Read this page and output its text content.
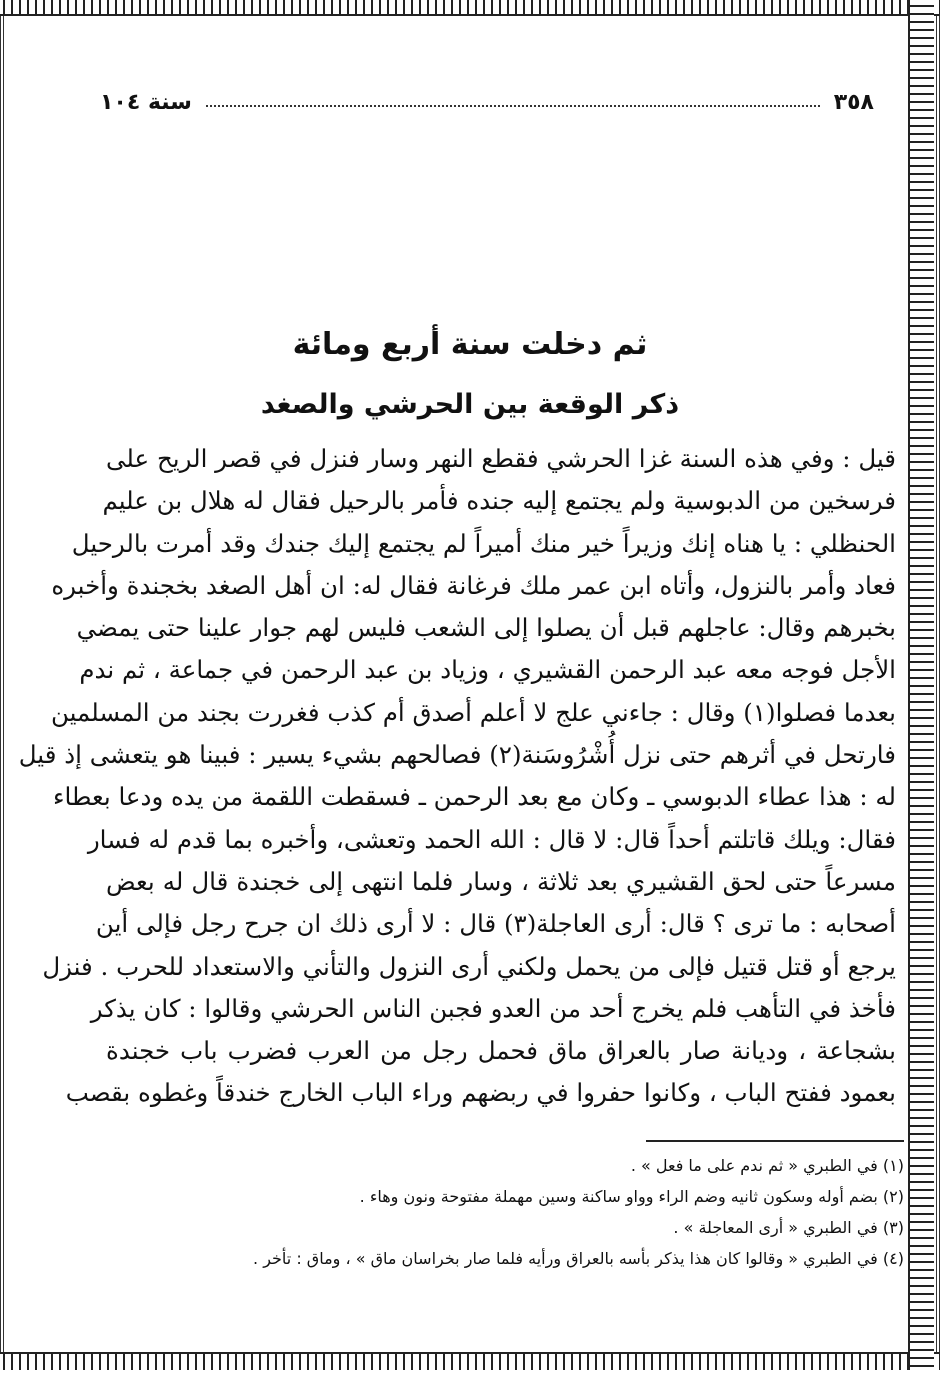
٣٥٨
سنة ١٠٤
ثم دخلت سنة أربع ومائة
ذكر الوقعة بين الحرشي والصغد
قيل : وفي هذه السنة غزا الحرشي فقطع النهر وسار فنزل في قصر الريح على
فرسخين من الدبوسية ولم يجتمع إليه جنده فأمر بالرحيل فقال له هلال بن عليم
الحنظلي : يا هناه إنك وزيراً خير منك أميراً لم يجتمع إليك جندك وقد أمرت بالرحيل
فعاد وأمر بالنزول، وأتاه ابن عمر ملك فرغانة فقال له: ان أهل الصغد بخجندة وأخبره
بخبرهم وقال: عاجلهم قبل أن يصلوا إلى الشعب فليس لهم جوار علينا حتى يمضي
الأجل فوجه معه عبد الرحمن القشيري ، وزياد بن عبد الرحمن في جماعة ، ثم ندم
بعدما فصلوا(١) وقال : جاءني علج لا أعلم أصدق أم كذب فغررت بجند من المسلمين
فارتحل في أثرهم حتى نزل أُشْرُوسَنة(٢) فصالحهم بشيء يسير : فبينا هو يتعشى إذ قيل
له : هذا عطاء الدبوسي ـ وكان مع بعد الرحمن ـ فسقطت اللقمة من يده ودعا بعطاء
فقال: ويلك قاتلتم أحداً قال: لا قال : الله الحمد وتعشى، وأخبره بما قدم له فسار
مسرعاً حتى لحق القشيري بعد ثلاثة ، وسار فلما انتهى إلى خجندة قال له بعض
أصحابه : ما ترى ؟ قال: أرى العاجلة(٣) قال : لا أرى ذلك ان جرح رجل فإلى أين
يرجع أو قتل قتيل فإلى من يحمل ولكني أرى النزول والتأني والاستعداد للحرب . فنزل
فأخذ في التأهب فلم يخرج أحد من العدو فجبن الناس الحرشي وقالوا : كان يذكر
بشجاعة ، وديانة صار بالعراق ماق فحمل رجل من العرب فضرب باب خجندة
بعمود ففتح الباب ، وكانوا حفروا في ربضهم وراء الباب الخارج خندقاً وغطوه بقصب
(١) في الطبري « ثم ندم على ما فعل » .
(٢) بضم أوله وسكون ثانيه وضم الراء وواو ساكنة وسين مهملة مفتوحة ونون وهاء .
(٣) في الطبري « أرى المعاجلة » .
(٤) في الطبري « وقالوا كان هذا يذكر بأسه بالعراق ورأيه فلما صار بخراسان ماق » ، وماق : تأخر .
